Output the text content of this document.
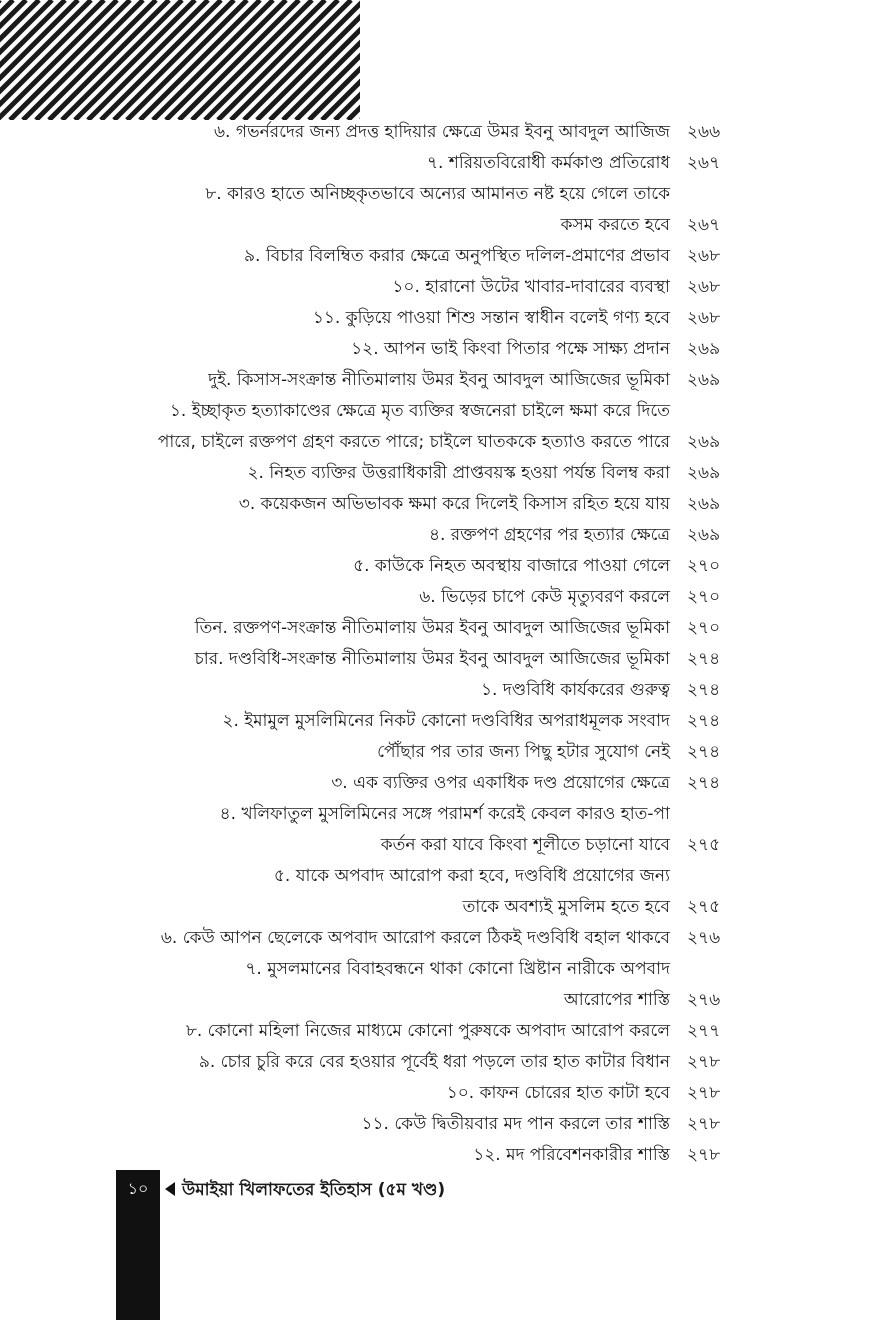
৬. গভর্নরদের জন্য প্রদত্ত হাদিয়ার ক্ষেত্রে উমর ইবনু আবদুল আজিজ ২৬৬
৭. শরিয়তবিরোধী কর্মকাণ্ড প্রতিরোধ ২৬৭
৮. কারও হাতে অনিচ্ছকৃতভাবে অন্যের আমানত নষ্ট হয়ে গেলে তাকে
কসম করতে হবে ২৬৭
৯. বিচার বিলম্বিত করার ক্ষেত্রে অনুপস্থিত দলিল-প্রমাণের প্রভাব ২৬৮
১০. হারানো উটের খাবার-দাবারের ব্যবস্থা ২৬৮
১১. কুড়িয়ে পাওয়া শিশু সন্তান স্বাধীন বলেই গণ্য হবে ২৬৮
১২. আপন ভাই কিংবা পিতার পক্ষে সাক্ষ্য প্রদান ২৬৯
দুই. কিসাস-সংক্রান্ত নীতিমালায় উমর ইবনু আবদুল আজিজের ভূমিকা ২৬৯
১. ইচ্ছাকৃত হত্যাকাণ্ডের ক্ষেত্রে মৃত ব্যক্তির স্বজনেরা চাইলে ক্ষমা করে দিতে
পারে, চাইলে রক্তপণ গ্রহণ করতে পারে; চাইলে ঘাতককে হত্যাও করতে পারে ২৬৯
২. নিহত ব্যক্তির উত্তরাধিকারী প্রাপ্তবয়স্ক হওয়া পর্যন্ত বিলম্ব করা ২৬৯
৩. কয়েকজন অভিভাবক ক্ষমা করে দিলেই কিসাস রহিত হয়ে যায় ২৬৯
৪. রক্তপণ গ্রহণের পর হত্যার ক্ষেত্রে ২৬৯
৫. কাউকে নিহত অবস্থায় বাজারে পাওয়া গেলে ২৭০
৬. ভিড়ের চাপে কেউ মৃত্যুবরণ করলে ২৭০
তিন. রক্তপণ-সংক্রান্ত নীতিমালায় উমর ইবনু আবদুল আজিজের ভূমিকা ২৭০
চার. দণ্ডবিধি-সংক্রান্ত নীতিমালায় উমর ইবনু আবদুল আজিজের ভূমিকা ২৭৪
১. দণ্ডবিধি কার্যকরের গুরুত্ব ২৭৪
২. ইমামুল মুসলিমিনের নিকট কোনো দণ্ডবিধির অপরাধমূলক সংবাদ ২৭৪
পৌঁছার পর তার জন্য পিছু হটার সুযোগ নেই ২৭৪
৩. এক ব্যক্তির ওপর একাধিক দণ্ড প্রয়োগের ক্ষেত্রে ২৭৪
৪. খলিফাতুল মুসলিমিনের সঙ্গে পরামর্শ করেই কেবল কারও হাত-পা
কর্তন করা যাবে কিংবা শূলীতে চড়ানো যাবে ২৭৫
৫. যাকে অপবাদ আরোপ করা হবে, দণ্ডবিধি প্রয়োগের জন্য
তাকে অবশ্যই মুসলিম হতে হবে ২৭৫
৬. কেউ আপন ছেলেকে অপবাদ আরোপ করলে ঠিকই দণ্ডবিধি বহাল থাকবে ২৭৬
৭. মুসলমানের বিবাহবন্ধনে থাকা কোনো খ্রিষ্টান নারীকে অপবাদ
আরোপের শাস্তি ২৭৬
৮. কোনো মহিলা নিজের মাধ্যমে কোনো পুরুষকে অপবাদ আরোপ করলে ২৭৭
৯. চোর চুরি করে বের হওয়ার পূর্বেই ধরা পড়লে তার হাত কাটার বিধান ২৭৮
১০. কাফন চোরের হাত কাটা হবে ২৭৮
১১. কেউ দ্বিতীয়বার মদ পান করলে তার শাস্তি ২৭৮
১২. মদ পরিবেশনকারীর শাস্তি ২৭৮
১০	উমাইয়া খিলাফতের ইতিহাস (৫ম খণ্ড)
